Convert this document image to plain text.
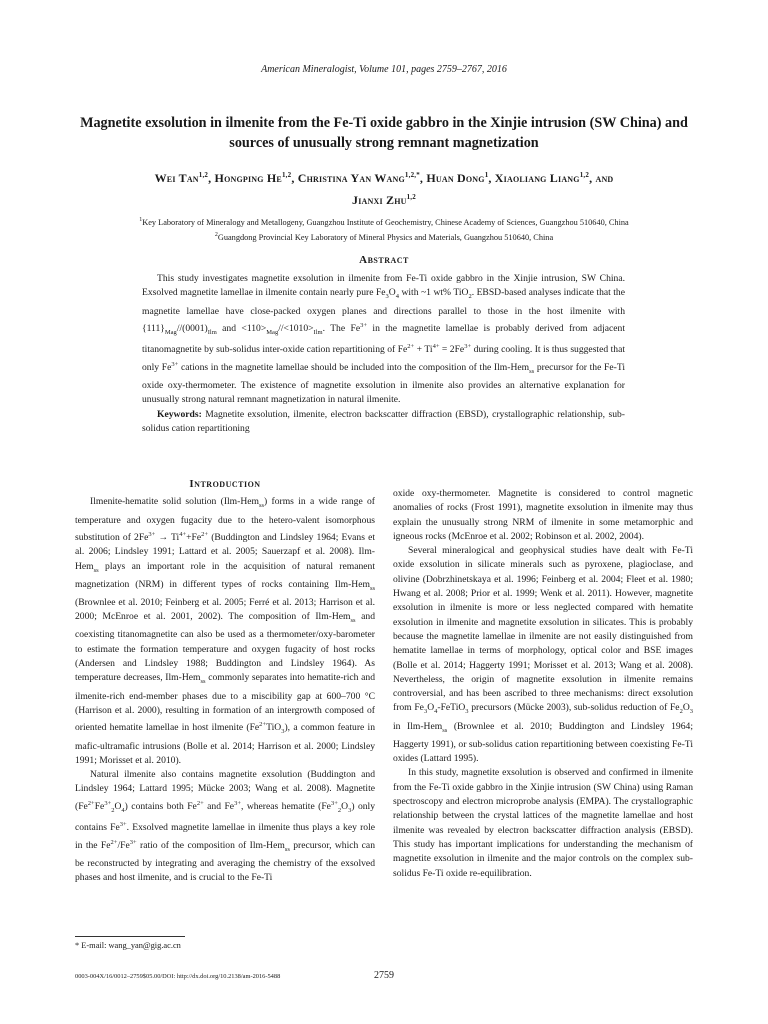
American Mineralogist, Volume 101, pages 2759–2767, 2016
Magnetite exsolution in ilmenite from the Fe-Ti oxide gabbro in the Xinjie intrusion (SW China) and sources of unusually strong remnant magnetization
Wei Tan$^{1,2}$, Hongping He$^{1,2}$, Christina Yan Wang$^{1,2,*}$, Huan Dong$^1$, Xiaoliang Liang$^{1,2}$, and
Jianxi Zhu$^{1,2}$
$^1$Key Laboratory of Mineralogy and Metallogeny, Guangzhou Institute of Geochemistry, Chinese Academy of Sciences, Guangzhou 510640, China
$^2$Guangdong Provincial Key Laboratory of Mineral Physics and Materials, Guangzhou 510640, China
Abstract

This study investigates magnetite exsolution in ilmenite from Fe-Ti oxide gabbro in the Xinjie intrusion, SW China. Exsolved magnetite lamellae in ilmenite contain nearly pure $Fe_3O_4$ with ~1 wt% TiO$_2$. EBSD-based analyses indicate that the magnetite lamellae have close-packed oxygen planes and directions parallel to those in the host ilmenite with $\{111\}_{Mag}//(0001)_{Ilm}$ and $<110>_{Mag}//<1010>_{Ilm}$. The $Fe^{3+}$ in the magnetite lamellae is probably derived from adjacent titanomagnetite by sub-solidus inter-oxide cation repartitioning of $Fe^{2+} + Ti^{4+} = 2Fe^{3+}$ during cooling. It is thus suggested that only $Fe^{3+}$ cations in the magnetite lamellae should be included into the composition of the Ilm-Hem$_{ss}$ precursor for the Fe-Ti oxide oxy-thermometer. The existence of magnetite exsolution in ilmenite also provides an alternative explanation for unusually strong natural remnant magnetization in natural ilmenite.

Keywords: Magnetite exsolution, ilmenite, electron backscatter diffraction (EBSD), crystallographic relationship, sub-solidus cation repartitioning

Introduction

Ilmenite-hematite solid solution (Ilm-Hem$_{ss}$) forms in a wide range of temperature and oxygen fugacity due to the hetero-valent isomorphous substitution of $2Fe^{3+} \to Ti^{4+}+Fe^{2+}$ (Buddington and Lindsley 1964; Evans et al. 2006; Lindsley 1991; Lattard et al. 2005; Sauerzapf et al. 2008). Ilm-Hem$_{ss}$ plays an important role in the acquisition of natural remanent magnetization (NRM) in different types of rocks containing Ilm-Hem$_{ss}$ (Brownlee et al. 2010; Feinberg et al. 2005; Ferré et al. 2013; Harrison et al. 2000; McEnroe et al. 2001, 2002). The composition of Ilm-Hem$_{ss}$ and coexisting titanomagnetite can also be used as a thermometer/oxy-barometer to estimate the formation temperature and oxygen fugacity of host rocks (Andersen and Lindsley 1988; Buddington and Lindsley 1964). As temperature decreases, Ilm-Hem$_{ss}$ commonly separates into hematite-rich and ilmenite-rich end-member phases due to a miscibility gap at 600–700 °C (Harrison et al. 2000), resulting in formation of an intergrowth composed of oriented hematite lamellae in host ilmenite $(Fe^{2+}TiO_3)$, a common feature in mafic-ultramafic intrusions (Bolle et al. 2014; Harrison et al. 2000; Lindsley 1991; Morisset et al. 2010).

Natural ilmenite also contains magnetite exsolution (Buddington and Lindsley 1964; Lattard 1995; Mücke 2003; Wang et al. 2008). Magnetite $(Fe^{2+}Fe^{3+}_2O_4)$ contains both $Fe^{2+}$ and $Fe^{3+}$, whereas hematite $(Fe^{3+}_2O_3)$ only contains $Fe^{3+}$. Exsolved magnetite lamellae in ilmenite thus plays a key role in the $Fe^{2+}/Fe^{3+}$ ratio of the composition of Ilm-Hem$_{ss}$ precursor, which can be reconstructed by integrating and averaging the chemistry of the exsolved phases and host ilmenite, and is crucial to the Fe-Ti

oxide oxy-thermometer. Magnetite is considered to control magnetic anomalies of rocks (Frost 1991), magnetite exsolution in ilmenite may thus explain the unusually strong NRM of ilmenite in some metamorphic and igneous rocks (McEnroe et al. 2002; Robinson et al. 2002, 2004).

Several mineralogical and geophysical studies have dealt with Fe-Ti oxide exsolution in silicate minerals such as pyroxene, plagioclase, and olivine (Dobrzhinetskaya et al. 1996; Feinberg et al. 2004; Fleet et al. 1980; Hwang et al. 2008; Prior et al. 1999; Wenk et al. 2011). However, magnetite exsolution in ilmenite is more or less neglected compared with hematite exsolution in ilmenite and magnetite exsolution in silicates. This is probably because the magnetite lamellae in ilmenite are not easily distinguished from hematite lamellae in terms of morphology, optical color and BSE images (Bolle et al. 2014; Haggerty 1991; Morisset et al. 2013; Wang et al. 2008). Nevertheless, the origin of magnetite exsolution in ilmenite remains controversial, and has been ascribed to three mechanisms: direct exsolution from $Fe_3O_4-FeTiO_3$ precursors (Mücke 2003), sub-solidus reduction of $Fe_2O_3$ in Ilm-Hem$_{ss}$ (Brownlee et al. 2010; Buddington and Lindsley 1964; Haggerty 1991), or sub-solidus cation repartitioning between coexisting Fe-Ti oxides (Lattard 1995).

In this study, magnetite exsolution is observed and confirmed in ilmenite from the Fe-Ti oxide gabbro in the Xinjie intrusion (SW China) using Raman spectroscopy and electron microprobe analysis (EMPA). The crystallographic relationship between the crystal lattices of the magnetite lamellae and host ilmenite was revealed by electron backscatter diffraction analysis (EBSD). This study has important implications for understanding the mechanism of magnetite exsolution in ilmenite and the major controls on the complex sub-solidus Fe-Ti oxide re-equilibration.

* E-mail: wang_yan@gig.ac.cn
0003-004X/16/0012–2759$05.00/DOI: http://dx.doi.org/10.2138/am-2016-5488	2759
